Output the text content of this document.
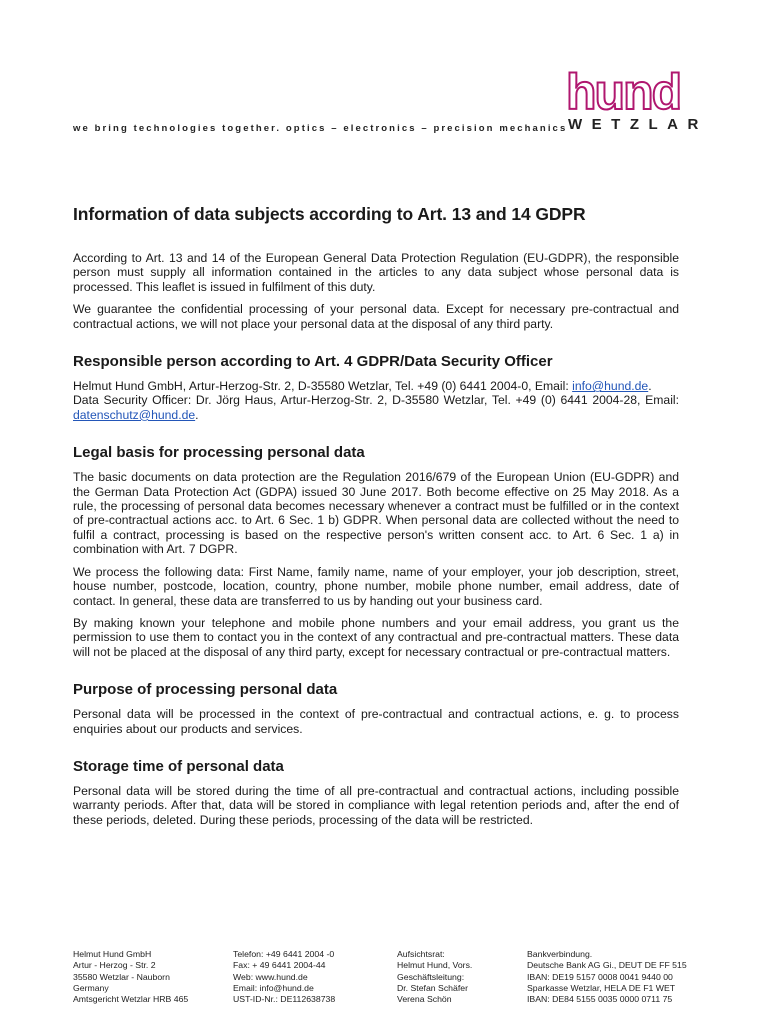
we bring technologies together. optics – electronics – precision mechanics
hund
WETZLAR
Information of data subjects according to Art. 13 and 14 GDPR

According to Art. 13 and 14 of the European General Data Protection Regulation (EU-GDPR), the responsible person must supply all information contained in the articles to any data subject whose personal data is processed. This leaflet is issued in fulfilment of this duty.

We guarantee the confidential processing of your personal data. Except for necessary pre-contractual and contractual actions, we will not place your personal data at the disposal of any third party.

Responsible person according to Art. 4 GDPR/Data Security Officer

Helmut Hund GmbH, Artur-Herzog-Str. 2, D-35580 Wetzlar, Tel. +49 (0) 6441 2004-0, Email: info@hund.de.

Data Security Officer: Dr. Jörg Haus, Artur-Herzog-Str. 2, D-35580 Wetzlar, Tel. +49 (0) 6441 2004-28, Email: datenschutz@hund.de.

Legal basis for processing personal data

The basic documents on data protection are the Regulation 2016/679 of the European Union (EU-GDPR) and the German Data Protection Act (GDPA) issued 30 June 2017. Both become effective on 25 May 2018. As a rule, the processing of personal data becomes necessary whenever a contract must be fulfilled or in the context of pre-contractual actions acc. to Art. 6 Sec. 1 b) GDPR. When personal data are collected without the need to fulfil a contract, processing is based on the respective person's written consent acc. to Art. 6 Sec. 1 a) in combination with Art. 7 DGPR.

We process the following data: First Name, family name, name of your employer, your job description, street, house number, postcode, location, country, phone number, mobile phone number, email address, date of contact. In general, these data are transferred to us by handing out your business card.

By making known your telephone and mobile phone numbers and your email address, you grant us the permission to use them to contact you in the context of any contractual and pre-contractual matters. These data will not be placed at the disposal of any third party, except for necessary contractual or pre-contractual matters.

Purpose of processing personal data

Personal data will be processed in the context of pre-contractual and contractual actions, e. g. to process enquiries about our products and services.

Storage time of personal data

Personal data will be stored during the time of all pre-contractual and contractual actions, including possible warranty periods. After that, data will be stored in compliance with legal retention periods and, after the end of these periods, deleted. During these periods, processing of the data will be restricted.

Helmut Hund GmbH
Artur - Herzog - Str. 2
35580 Wetzlar - Nauborn
Germany
Amtsgericht Wetzlar HRB 465
Telefon: +49 6441 2004 -0
Fax: + 49 6441 2004-44
Web: www.hund.de
Email: info@hund.de
UST-ID-Nr.: DE112638738
Aufsichtsrat:
Helmut Hund, Vors.
Geschäftsleitung:
Dr. Stefan Schäfer
Verena Schön
Bankverbindung.
Deutsche Bank AG Gi., DEUT DE FF 515
IBAN: DE19 5157 0008 0041 9440 00
Sparkasse Wetzlar, HELA DE F1 WET
IBAN: DE84 5155 0035 0000 0711 75
